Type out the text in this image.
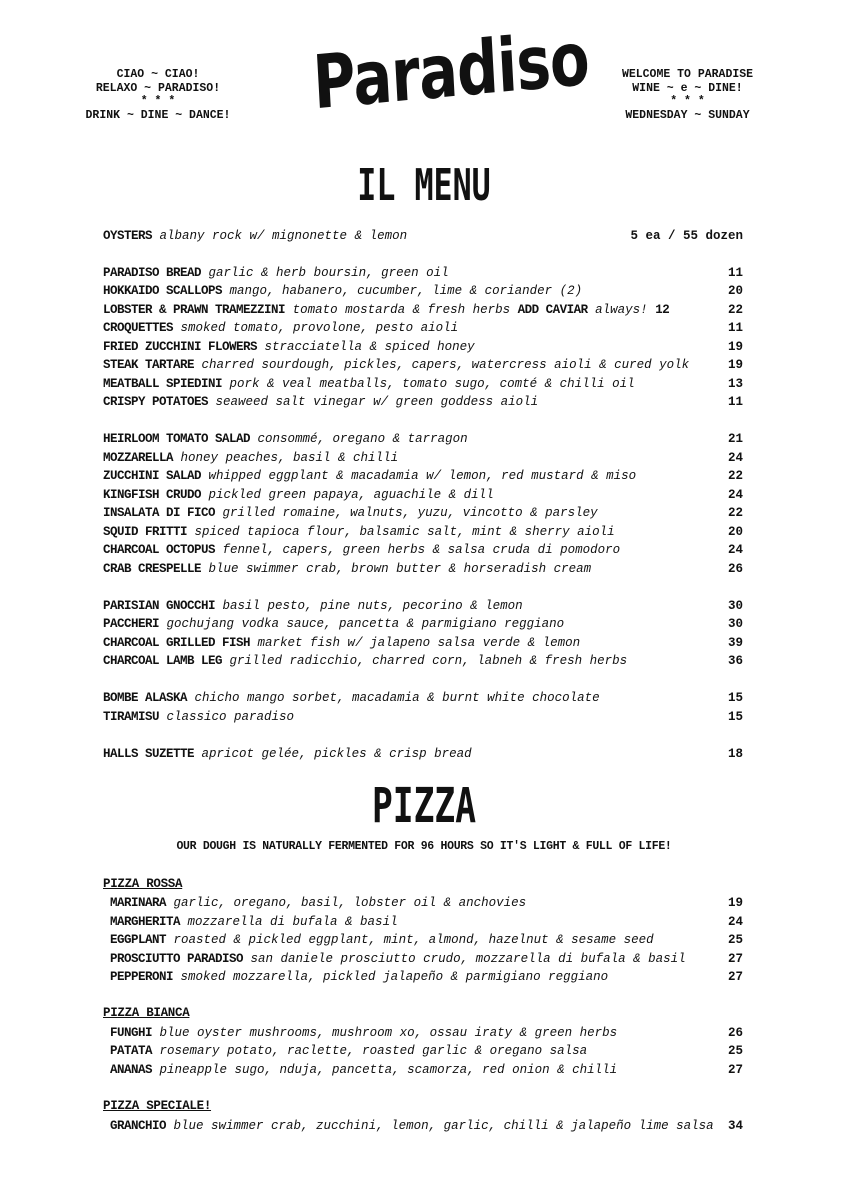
CIAO ~ CIAO!
RELAXO ~ PARADISO!
* * *
DRINK ~ DINE ~ DANCE! Paradiso	WELCOME TO PARADISE
WINE ~ e ~ DINE!
* * *
WEDNESDAY ~ SUNDAY
IL MENU
OYSTERS albany rock w/ mignonette & lemon	5 ea / 55 dozen
PARADISO BREAD garlic & herb boursin, green oil	11
HOKKAIDO SCALLOPS mango, habanero, cucumber, lime & coriander (2)	20
LOBSTER & PRAWN TRAMEZZINI tomato mostarda & fresh herbs ADD CAVIAR always! 12	22
CROQUETTES smoked tomato, provolone, pesto aioli	11
FRIED ZUCCHINI FLOWERS stracciatella & spiced honey	19
STEAK TARTARE charred sourdough, pickles, capers, watercress aioli & cured yolk	19
MEATBALL SPIEDINI pork & veal meatballs, tomato sugo, comté & chilli oil	13
CRISPY POTATOES seaweed salt vinegar w/ green goddess aioli	11
HEIRLOOM TOMATO SALAD consommé, oregano & tarragon	21
MOZZARELLA honey peaches, basil & chilli	24
ZUCCHINI SALAD whipped eggplant & macadamia w/ lemon, red mustard & miso	22
KINGFISH CRUDO pickled green papaya, aguachile & dill	24
INSALATA DI FICO grilled romaine, walnuts, yuzu, vincotto & parsley	22
SQUID FRITTI spiced tapioca flour, balsamic salt, mint & sherry aioli	20
CHARCOAL OCTOPUS fennel, capers, green herbs & salsa cruda di pomodoro	24
CRAB CRESPELLE blue swimmer crab, brown butter & horseradish cream	26
PARISIAN GNOCCHI basil pesto, pine nuts, pecorino & lemon	30
PACCHERI gochujang vodka sauce, pancetta & parmigiano reggiano	30
CHARCOAL GRILLED FISH market fish w/ jalapeno salsa verde & lemon	39
CHARCOAL LAMB LEG grilled radicchio, charred corn, labneh & fresh herbs	36
BOMBE ALASKA chicho mango sorbet, macadamia & burnt white chocolate	15
TIRAMISU classico paradiso	15
HALLS SUZETTE apricot gelée, pickles & crisp bread	18
PIZZA
OUR DOUGH IS NATURALLY FERMENTED FOR 96 HOURS SO IT'S LIGHT & FULL OF LIFE!
PIZZA ROSSA
MARINARA garlic, oregano, basil, lobster oil & anchovies	19
MARGHERITA mozzarella di bufala & basil	24
EGGPLANT roasted & pickled eggplant, mint, almond, hazelnut & sesame seed	25
PROSCIUTTO PARADISO san daniele prosciutto crudo, mozzarella di bufala & basil	27
PEPPERONI smoked mozzarella, pickled jalapeño & parmigiano reggiano	27
PIZZA BIANCA
FUNGHI blue oyster mushrooms, mushroom xo, ossau iraty & green herbs	26
PATATA rosemary potato, raclette, roasted garlic & oregano salsa	25
ANANAS pineapple sugo, nduja, pancetta, scamorza, red onion & chilli	27
PIZZA SPECIALE!
GRANCHIO blue swimmer crab, zucchini, lemon, garlic, chilli & jalapeño lime salsa 34
